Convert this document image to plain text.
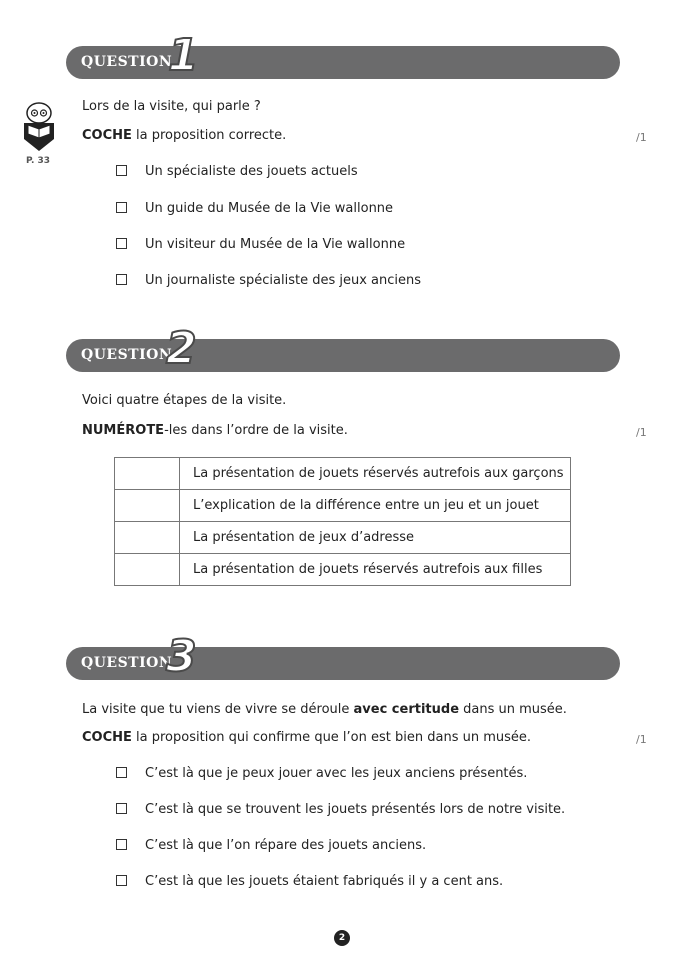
QUESTION
1
P. 33
Lors de la visite, qui parle ?
COCHE la proposition correcte.	/1
Un spécialiste des jouets actuels
Un guide du Musée de la Vie wallonne
Un visiteur du Musée de la Vie wallonne
Un journaliste spécialiste des jeux anciens
QUESTION
2
Voici quatre étapes de la visite.
NUMÉROTE-les dans l’ordre de la visite.	/1
	La présentation de jouets réservés autrefois aux garçons
	L’explication de la différence entre un jeu et un jouet
	La présentation de jeux d’adresse
	La présentation de jouets réservés autrefois aux filles
QUESTION
3
La visite que tu viens de vivre se déroule avec certitude dans un musée.
COCHE la proposition qui confirme que l’on est bien dans un musée.	/1
C’est là que je peux jouer avec les jeux anciens présentés.
C’est là que se trouvent les jouets présentés lors de notre visite.
C’est là que l’on répare des jouets anciens.
C’est là que les jouets étaient fabriqués il y a cent ans.
2
